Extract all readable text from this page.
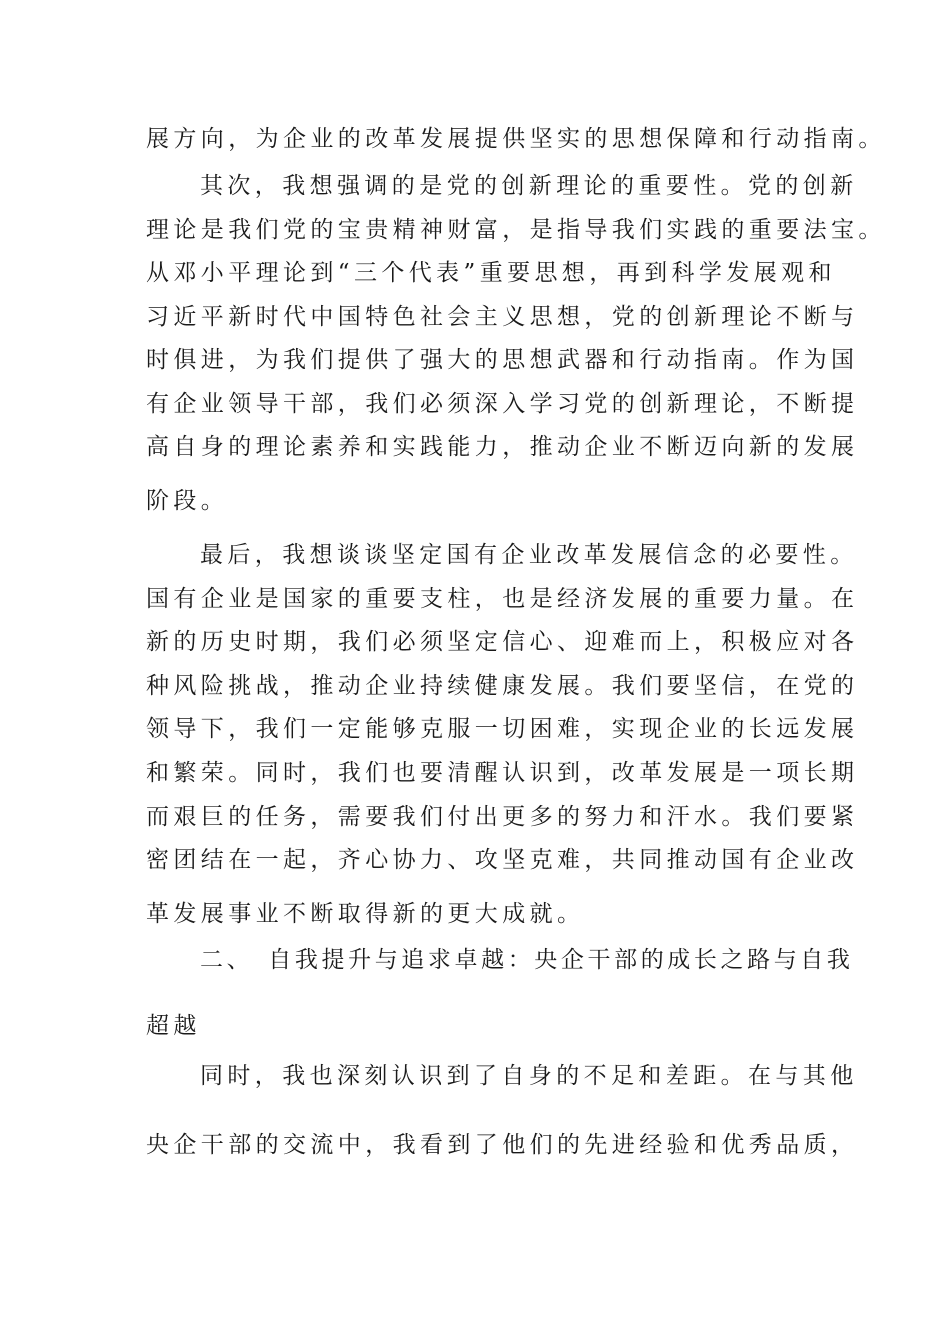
展方向，为企业的改革发展提供坚实的思想保障和行动指南。
其次，我想强调的是党的创新理论的重要性。党的创新
理论是我们党的宝贵精神财富，是指导我们实践的重要法宝。
从邓小平理论到“三个代表”重要思想，再到科学发展观和
习近平新时代中国特色社会主义思想，党的创新理论不断与
时俱进，为我们提供了强大的思想武器和行动指南。作为国
有企业领导干部，我们必须深入学习党的创新理论，不断提
高自身的理论素养和实践能力，推动企业不断迈向新的发展
阶段。
最后，我想谈谈坚定国有企业改革发展信念的必要性。
国有企业是国家的重要支柱，也是经济发展的重要力量。在
新的历史时期，我们必须坚定信心、迎难而上，积极应对各
种风险挑战，推动企业持续健康发展。我们要坚信，在党的
领导下，我们一定能够克服一切困难，实现企业的长远发展
和繁荣。同时，我们也要清醒认识到，改革发展是一项长期
而艰巨的任务，需要我们付出更多的努力和汗水。我们要紧
密团结在一起，齐心协力、攻坚克难，共同推动国有企业改
革发展事业不断取得新的更大成就。
二、　自我提升与追求卓越：央企干部的成长之路与自我
超越
同时，我也深刻认识到了自身的不足和差距。在与其他
央企干部的交流中，我看到了他们的先进经验和优秀品质，
